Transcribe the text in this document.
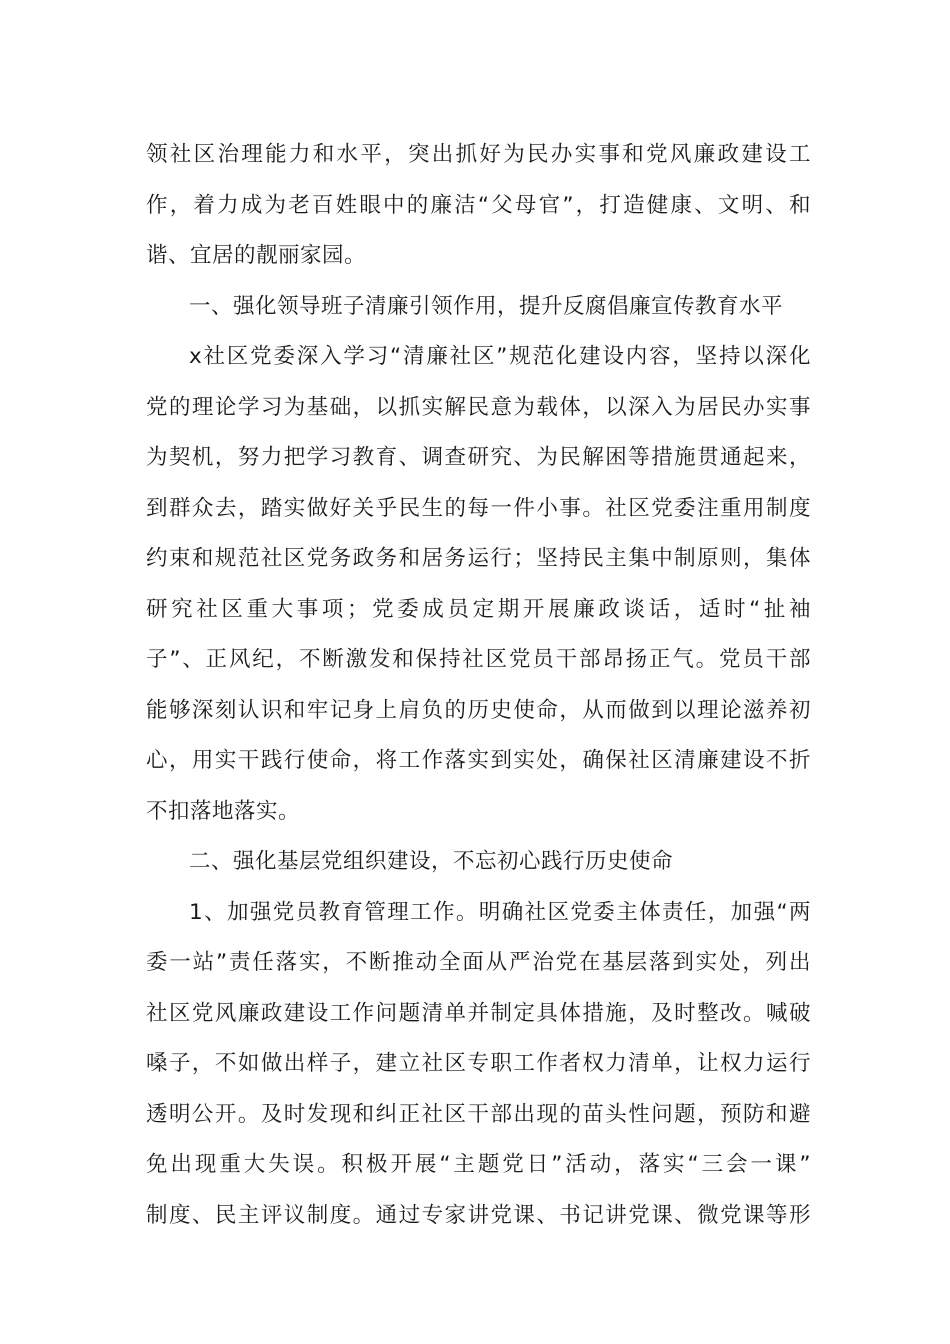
领社区治理能力和水平，突出抓好为民办实事和党风廉政建设工
作，着力成为老百姓眼中的廉洁“父母官”，打造健康、文明、和
谐、宜居的靓丽家园。
一、强化领导班子清廉引领作用，提升反腐倡廉宣传教育水平
x社区党委深入学习“清廉社区”规范化建设内容，坚持以深化
党的理论学习为基础，以抓实解民意为载体，以深入为居民办实事
为契机，努力把学习教育、调查研究、为民解困等措施贯通起来，
到群众去，踏实做好关乎民生的每一件小事。社区党委注重用制度
约束和规范社区党务政务和居务运行；坚持民主集中制原则，集体
研究社区重大事项；党委成员定期开展廉政谈话，适时“扯袖
子”、正风纪，不断激发和保持社区党员干部昂扬正气。党员干部
能够深刻认识和牢记身上肩负的历史使命，从而做到以理论滋养初
心，用实干践行使命，将工作落实到实处，确保社区清廉建设不折
不扣落地落实。
二、强化基层党组织建设，不忘初心践行历史使命
1、加强党员教育管理工作。明确社区党委主体责任，加强“两
委一站”责任落实，不断推动全面从严治党在基层落到实处，列出
社区党风廉政建设工作问题清单并制定具体措施，及时整改。喊破
嗓子，不如做出样子，建立社区专职工作者权力清单，让权力运行
透明公开。及时发现和纠正社区干部出现的苗头性问题，预防和避
免出现重大失误。积极开展“主题党日”活动，落实“三会一课”
制度、民主评议制度。通过专家讲党课、书记讲党课、微党课等形
